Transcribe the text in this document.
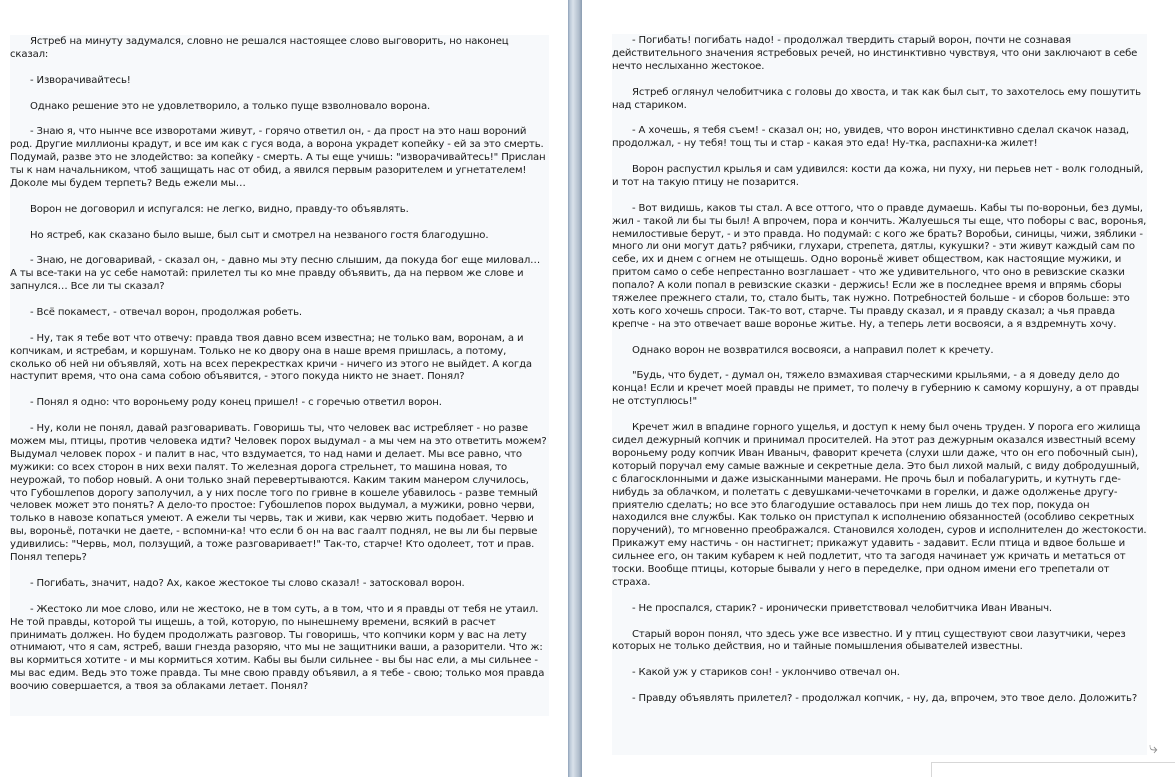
Ястреб на минуту задумался, словно не решался настоящее слово выговорить, но наконец сказал:

- Изворачивайтесь!

Однако решение это не удовлетворило, а только пуще взволновало ворона.

- Знаю я, что нынче все изворотами живут, - горячо ответил он, - да прост на это наш вороний род. Другие миллионы крадут, и все им как с гуся вода, а ворона украдет копейку - ей за это смерть. Подумай, разве это не злодейство: за копейку - смерть. А ты еще учишь: "изворачивайтесь!" Прислан ты к нам начальником, чтоб защищать нас от обид, а явился первым разорителем и угнетателем! Доколе мы будем терпеть? Ведь ежели мы…

Ворон не договорил и испугался: не легко, видно, правду-то объявлять.

Но ястреб, как сказано было выше, был сыт и смотрел на незваного гостя благодушно.

- Знаю, не договаривай, - сказал он, - давно мы эту песню слышим, да покуда бог еще миловал… А ты все-таки на ус себе намотай: прилетел ты ко мне правду объявить, да на первом же слове и запнулся… Все ли ты сказал?

- Всё покамест, - отвечал ворон, продолжая робеть.

- Ну, так я тебе вот что отвечу: правда твоя давно всем известна; не только вам, воронам, а и копчикам, и ястребам, и коршунам. Только не ко двору она в наше время пришлась, а потому, сколько об ней ни объявляй, хоть на всех перекрестках кричи - ничего из этого не выйдет. А когда наступит время, что она сама собою объявится, - этого покуда никто не знает. Понял?

- Понял я одно: что вороньему роду конец пришел! - с горечью ответил ворон.

- Ну, коли не понял, давай разговаривать. Говоришь ты, что человек вас истребляет - но разве можем мы, птицы, против человека идти? Человек порох выдумал - а мы чем на это ответить можем? Выдумал человек порох - и палит в нас, что вздумается, то над нами и делает. Мы все равно, что мужики: со всех сторон в них вехи палят. То железная дорога стрельнет, то машина новая, то неурожай, то побор новый. А они только знай перевертываются. Каким таким манером случилось, что Губошлепов дорогу заполучил, а у них после того по гривне в кошеле убавилось - разве темный человек может это понять? А дело-то простое: Губошлепов порох выдумал, а мужики, ровно черви, только в навозе копаться умеют. А ежели ты червь, так и живи, как червю жить подобает. Червю и вы, вороньё, потачки не даете, - вспомни-ка! что если б он на вас гаалт поднял, не вы ли бы первые удивились: "Червь, мол, ползущий, а тоже разговаривает!" Так-то, старче! Кто одолеет, тот и прав. Понял теперь?

- Погибать, значит, надо? Ах, какое жестокое ты слово сказал! - затосковал ворон.

- Жестоко ли мое слово, или не жестоко, не в том суть, а в том, что и я правды от тебя не утаил. Не той правды, которой ты ищешь, а той, которую, по нынешнему времени, всякий в расчет принимать должен. Но будем продолжать разговор. Ты говоришь, что копчики корм у вас на лету отнимают, что я сам, ястреб, ваши гнезда разоряю, что мы не защитники ваши, а разорители. Что ж: вы кормиться хотите - и мы кормиться хотим. Кабы вы были сильнее - вы бы нас ели, а мы сильнее - мы вас едим. Ведь это тоже правда. Ты мне свою правду объявил, а я тебе - свою; только моя правда воочию совершается, а твоя за облаками летает. Понял?

- Погибать! погибать надо! - продолжал твердить старый ворон, почти не сознавая действительного значения ястребовых речей, но инстинктивно чувствуя, что они заключают в себе нечто неслыханно жестокое.

Ястреб оглянул челобитчика с головы до хвоста, и так как был сыт, то захотелось ему пошутить над стариком.

- А хочешь, я тебя съем! - сказал он; но, увидев, что ворон инстинктивно сделал скачок назад, продолжал, - ну тебя! тощ ты и стар - какая это еда! Ну-тка, распахни-ка жилет!

Ворон распустил крылья и сам удивился: кости да кожа, ни пуху, ни перьев нет - волк голодный, и тот на такую птицу не позарится.

- Вот видишь, каков ты стал. А все оттого, что о правде думаешь. Кабы ты по-вороньи, без думы, жил - такой ли бы ты был! А впрочем, пора и кончить. Жалуешься ты еще, что поборы с вас, воронья, немилостивые берут, - и это правда. Но подумай: с кого же брать? Воробьи, синицы, чижи, зяблики - много ли они могут дать? рябчики, глухари, стрепета, дятлы, кукушки? - эти живут каждый сам по себе, их и днем с огнем не отыщешь. Одно вороньё живет обществом, как настоящие мужики, и притом само о себе непрестанно возглашает - что же удивительного, что оно в ревизские сказки попало? А коли попал в ревизские сказки - держись! Если же в последнее время и впрямь сборы тяжелее прежнего стали, то, стало быть, так нужно. Потребностей больше - и сборов больше: это хоть кого хочешь спроси. Так-то вот, старче. Ты правду сказал, и я правду сказал; а чья правда крепче - на это отвечает ваше воронье житье. Ну, а теперь лети восвояси, а я вздремнуть хочу.

Однако ворон не возвратился восвояси, а направил полет к кречету.

"Будь, что будет, - думал он, тяжело взмахивая старческими крыльями, - а я доведу дело до конца! Если и кречет моей правды не примет, то полечу в губернию к самому коршуну, а от правды не отступлюсь!"

Кречет жил в впадине горного ущелья, и доступ к нему был очень труден. У порога его жилища сидел дежурный копчик и принимал просителей. На этот раз дежурным оказался известный всему вороньему роду копчик Иван Иваныч, фаворит кречета (слухи шли даже, что он его побочный сын), который поручал ему самые важные и секретные дела. Это был лихой малый, с виду добродушный, с благосклонными и даже изысканными манерами. Не прочь был и побалагурить, и кутнуть где-нибудь за облачком, и полетать с девушками-чечеточками в горелки, и даже одолженье другу-приятелю сделать; но все это благодушие оставалось при нем лишь до тех пор, покуда он находился вне службы. Как только он приступал к исполнению обязанностей (особливо секретных поручений), то мгновенно преображался. Становился холоден, суров и исполнителен до жестокости. Прикажут ему настичь - он настигнет; прикажут удавить - задавит. Если птица и вдвое больше и сильнее его, он таким кубарем к ней подлетит, что та загодя начинает уж кричать и метаться от тоски. Вообще птицы, которые бывали у него в переделке, при одном имени его трепетали от страха.

- Не проспался, старик? - иронически приветствовал челобитчика Иван Иваныч.

Старый ворон понял, что здесь уже все известно. И у птиц существуют свои лазутчики, через которых не только действия, но и тайные помышления обывателей известны.

- Какой уж у стариков сон! - уклончиво отвечал он.

- Правду объявлять прилетел? - продолжал копчик, - ну, да, впрочем, это твое дело. Доложить?

⤷
